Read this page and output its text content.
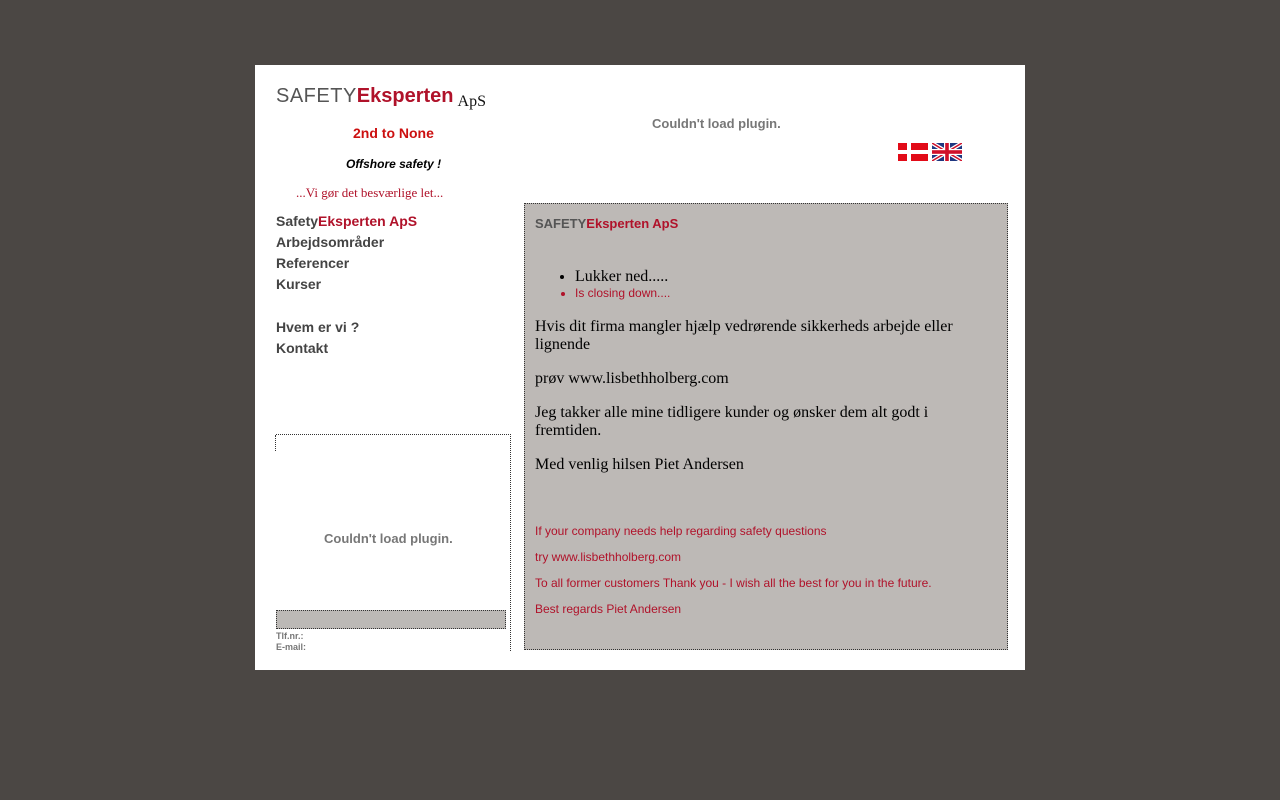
SAFETYEksperten ApS
2nd to None
Offshore safety !
...Vi gør det besværlige let...
Couldn't load plugin.
SafetyEksperten ApS
Arbejdsområder
Referencer
Kurser
Hvem er vi ?
Kontakt
Couldn't load plugin.
Tlf.nr.:
E-mail:
SAFETYEksperten ApS
• Lukker ned.....
• Is closing down....

Hvis dit firma mangler hjælp vedrørende sikkerheds arbejde eller lignende

prøv www.lisbethholberg.com

Jeg takker alle mine tidligere kunder og ønsker dem alt godt i fremtiden.

Med venlig hilsen Piet Andersen

If your company needs help regarding safety questions

try www.lisbethholberg.com

To all former customers Thank you - I wish all the best for you in the future.

Best regards Piet Andersen
